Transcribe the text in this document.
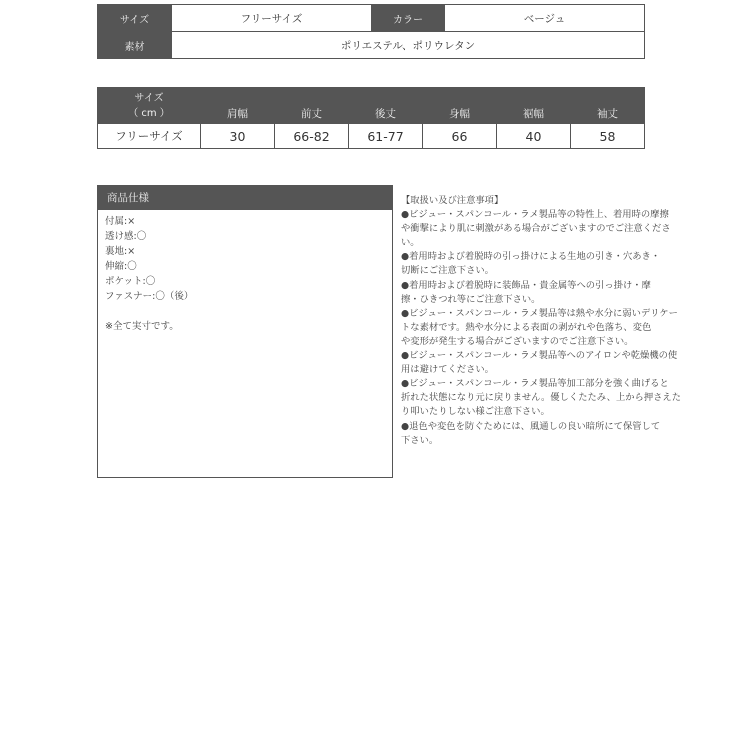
サイズ	フリーサイズ	カラー	ベージュ
素材	ポリエステル、ポリウレタン		
サイズ
（ cm ）	肩幅	前丈	後丈	身幅	裾幅	袖丈
フリーサイズ	30	66-82	61-77	66	40	58
商品仕様
付属:×
透け感:〇
裏地:×
伸縮:〇
ポケット:〇
ファスナー:〇（後）
※全て実寸です。
【取扱い及び注意事項】
●ビジュー・スパンコール・ラメ製品等の特性上、着用時の摩擦
や衝撃により肌に刺激がある場合がございますのでご注意くださ
い。
●着用時および着脱時の引っ掛けによる生地の引き・穴あき・
切断にご注意下さい。
●着用時および着脱時に装飾品・貴金属等への引っ掛け・摩
擦・ひきつれ等にご注意下さい。
●ビジュー・スパンコール・ラメ製品等は熱や水分に弱いデリケー
トな素材です。熱や水分による表面の剥がれや色落ち、変色
や変形が発生する場合がございますのでご注意下さい。
●ビジュー・スパンコール・ラメ製品等へのアイロンや乾燥機の使
用は避けてください。
●ビジュー・スパンコール・ラメ製品等加工部分を強く曲げると
折れた状態になり元に戻りません。優しくたたみ、上から押さえた
り叩いたりしない様ご注意下さい。
●退色や変色を防ぐためには、風通しの良い暗所にて保管して
下さい。
